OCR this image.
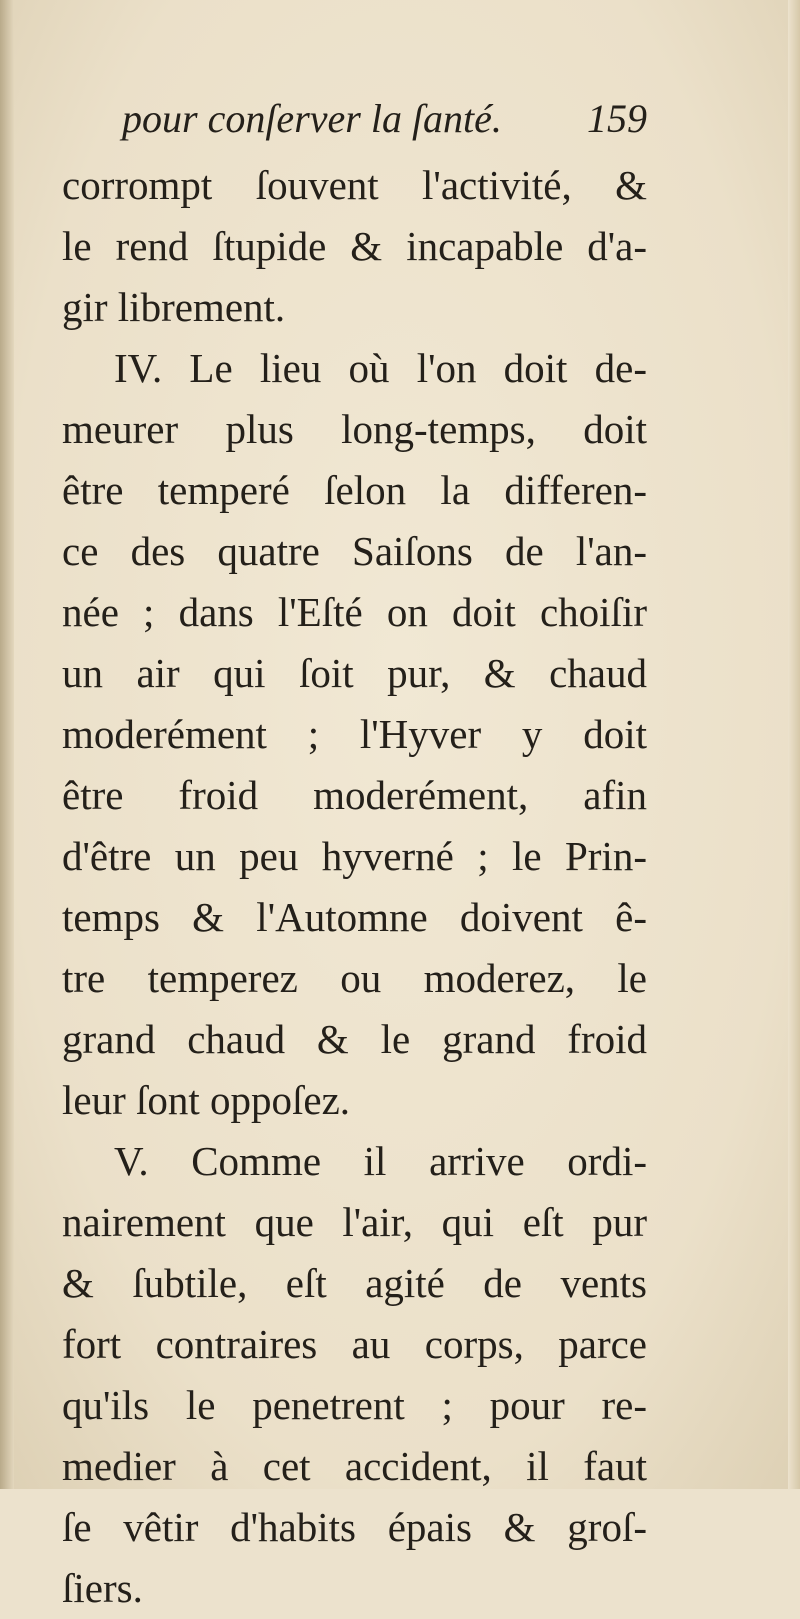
pour conſerver la ſanté. 159
corrompt ſouvent l'activité, &
le rend ſtupide & incapable d'a-
gir librement.
IV. Le lieu où l'on doit de-
meurer plus long-temps, doit
être temperé ſelon la differen-
ce des quatre Saiſons de l'an-
née ; dans l'Eſté on doit choiſir
un air qui ſoit pur, & chaud
moderément ; l'Hyver y doit
être froid moderément, afin
d'être un peu hyverné ; le Prin-
temps & l'Automne doivent ê-
tre temperez ou moderez, le
grand chaud & le grand froid
leur ſont oppoſez.
V. Comme il arrive ordi-
nairement que l'air, qui eſt pur
& ſubtile, eſt agité de vents
fort contraires au corps, parce
qu'ils le penetrent ; pour re-
medier à cet accident, il faut
ſe vêtir d'habits épais & groſ-
ſiers.
